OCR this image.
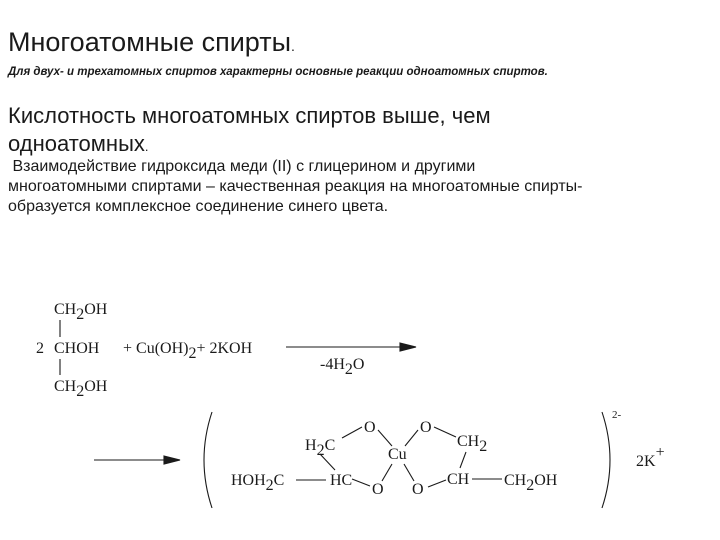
Многоатомные спирты.
Для двух- и трехатомных спиртов характерны основные реакции одноатомных спиртов.
Кислотность многоатомных спиртов выше, чем
одноатомных.
Взаимодействие гидроксида меди (II) с глицерином и другими
многоатомными спиртами – качественная реакция на многоатомные спирты-
образуется комплексное соединение синего цвета.
CH2OH
2 CHOH
CH2OH
+ Cu(OH)2+ 2KOH
-4H2O
2-
H2C
O	O
Cu
CH2
HOH2C	HC
O O
CH CH2OH
2K+
